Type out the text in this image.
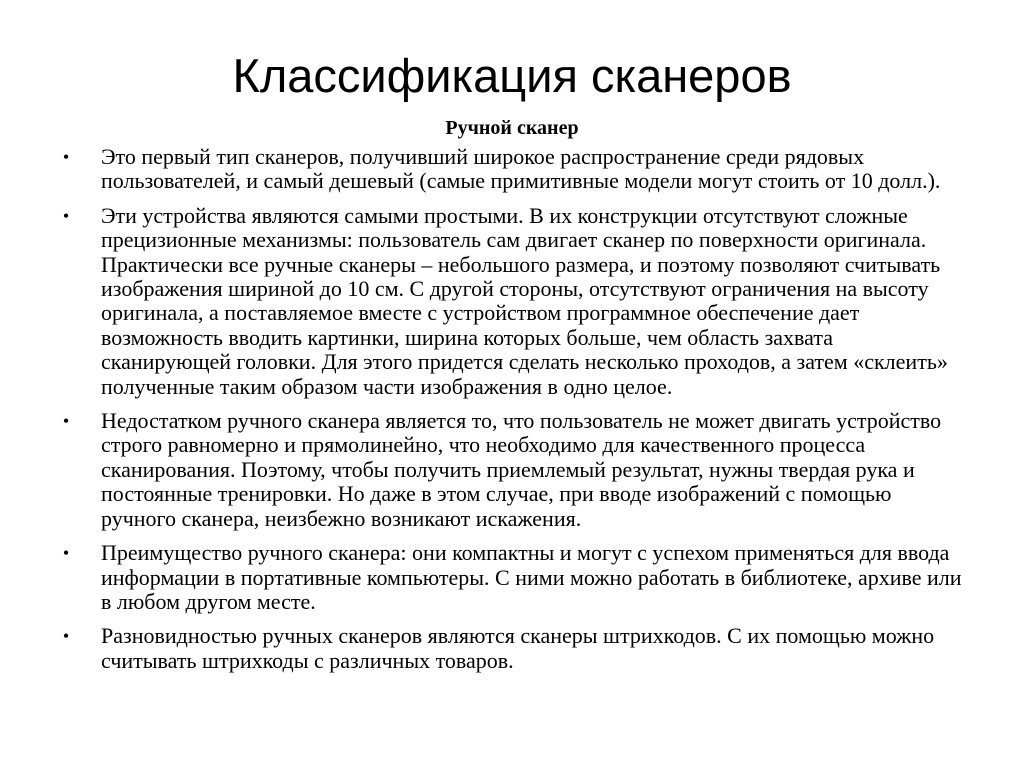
Классификация сканеров
Ручной сканер
• Это первый тип сканеров, получивший широкое распространение среди рядовых пользователей, и самый дешевый (самые примитивные модели могут стоить от 10 долл.).
• Эти устройства являются самыми простыми. В их конструкции отсутствуют сложные прецизионные механизмы: пользователь сам двигает сканер по поверхности оригинала. Практически все ручные сканеры – небольшого размера, и поэтому позволяют считывать изображения шириной до 10 см. С другой стороны, отсутствуют ограничения на высоту оригинала, а поставляемое вместе с устройством программное обеспечение дает возможность вводить картинки, ширина которых больше, чем область захвата сканирующей головки. Для этого придется сделать несколько проходов, а затем «склеить» полученные таким образом части изображения в одно целое.
• Недостатком ручного сканера является то, что пользователь не может двигать устройство строго равномерно и прямолинейно, что необходимо для качественного процесса сканирования. Поэтому, чтобы получить приемлемый результат, нужны твердая рука и постоянные тренировки. Но даже в этом случае, при вводе изображений с помощью ручного сканера, неизбежно возникают искажения.
• Преимущество ручного сканера: они компактны и могут с успехом применяться для ввода информации в портативные компьютеры. С ними можно работать в библиотеке, архиве или в любом другом месте.
• Разновидностью ручных сканеров являются сканеры штрихкодов. С их помощью можно считывать штрихкоды с различных товаров.
